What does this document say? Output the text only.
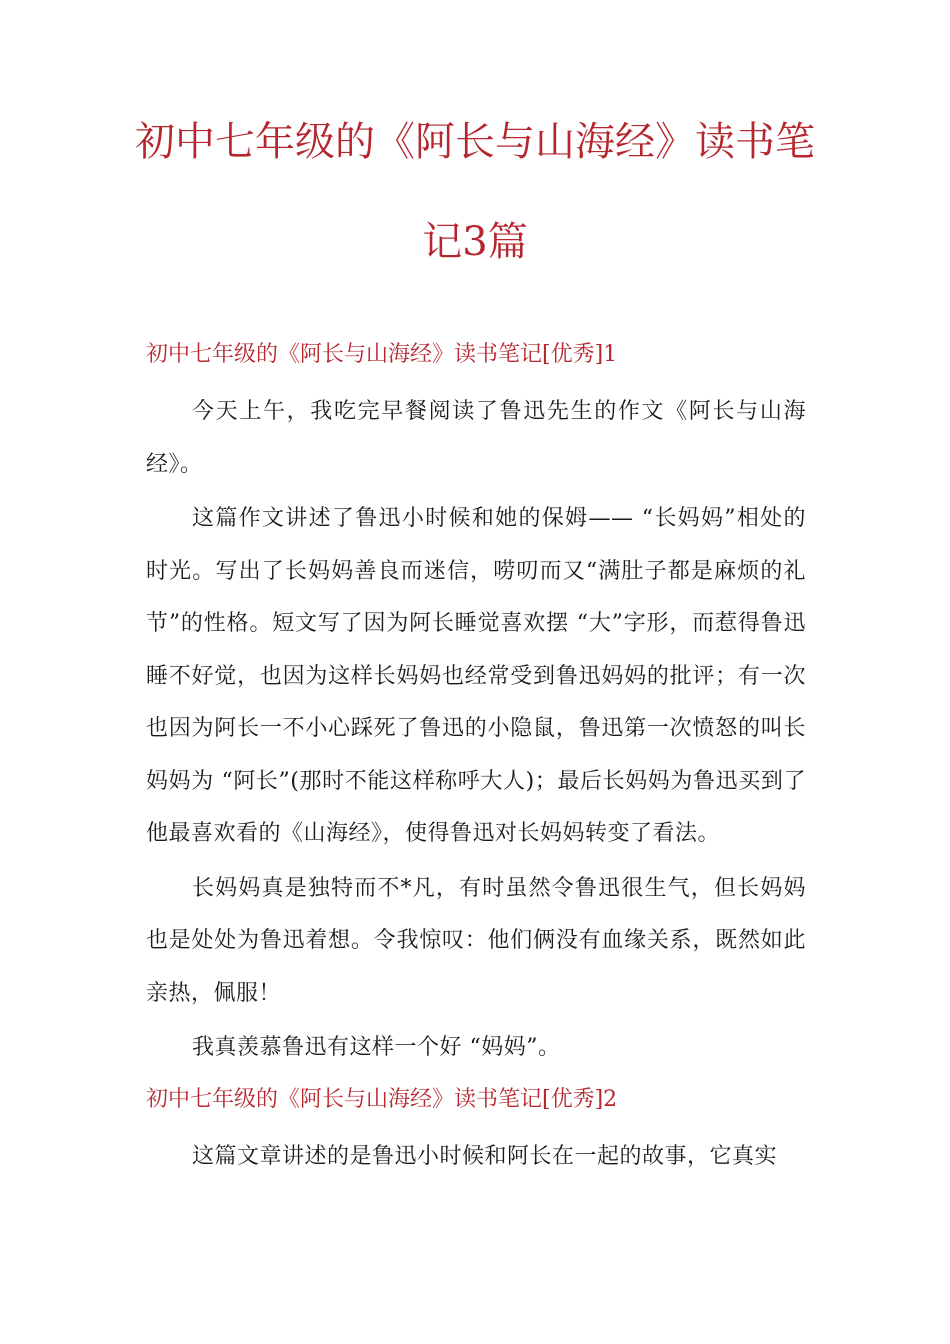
初中七年级的《阿长与山海经》读书笔
记3篇
初中七年级的《阿长与山海经》读书笔记[优秀]1

今天上午，我吃完早餐阅读了鲁迅先生的作文《阿长与山海经》。

这篇作文讲述了鲁迅小时候和她的保姆—— “长妈妈”相处的时光。写出了长妈妈善良而迷信，唠叨而又“满肚子都是麻烦的礼节”的性格。短文写了因为阿长睡觉喜欢摆 “大”字形，而惹得鲁迅睡不好觉，也因为这样长妈妈也经常受到鲁迅妈妈的批评；有一次也因为阿长一不小心踩死了鲁迅的小隐鼠，鲁迅第一次愤怒的叫长妈妈为 “阿长”(那时不能这样称呼大人)；最后长妈妈为鲁迅买到了他最喜欢看的《山海经》，使得鲁迅对长妈妈转变了看法。

长妈妈真是独特而不*凡，有时虽然令鲁迅很生气，但长妈妈也是处处为鲁迅着想。令我惊叹：他们俩没有血缘关系，既然如此亲热，佩服！

我真羡慕鲁迅有这样一个好 “妈妈”。

初中七年级的《阿长与山海经》读书笔记[优秀]2

这篇文章讲述的是鲁迅小时候和阿长在一起的故事，它真实
